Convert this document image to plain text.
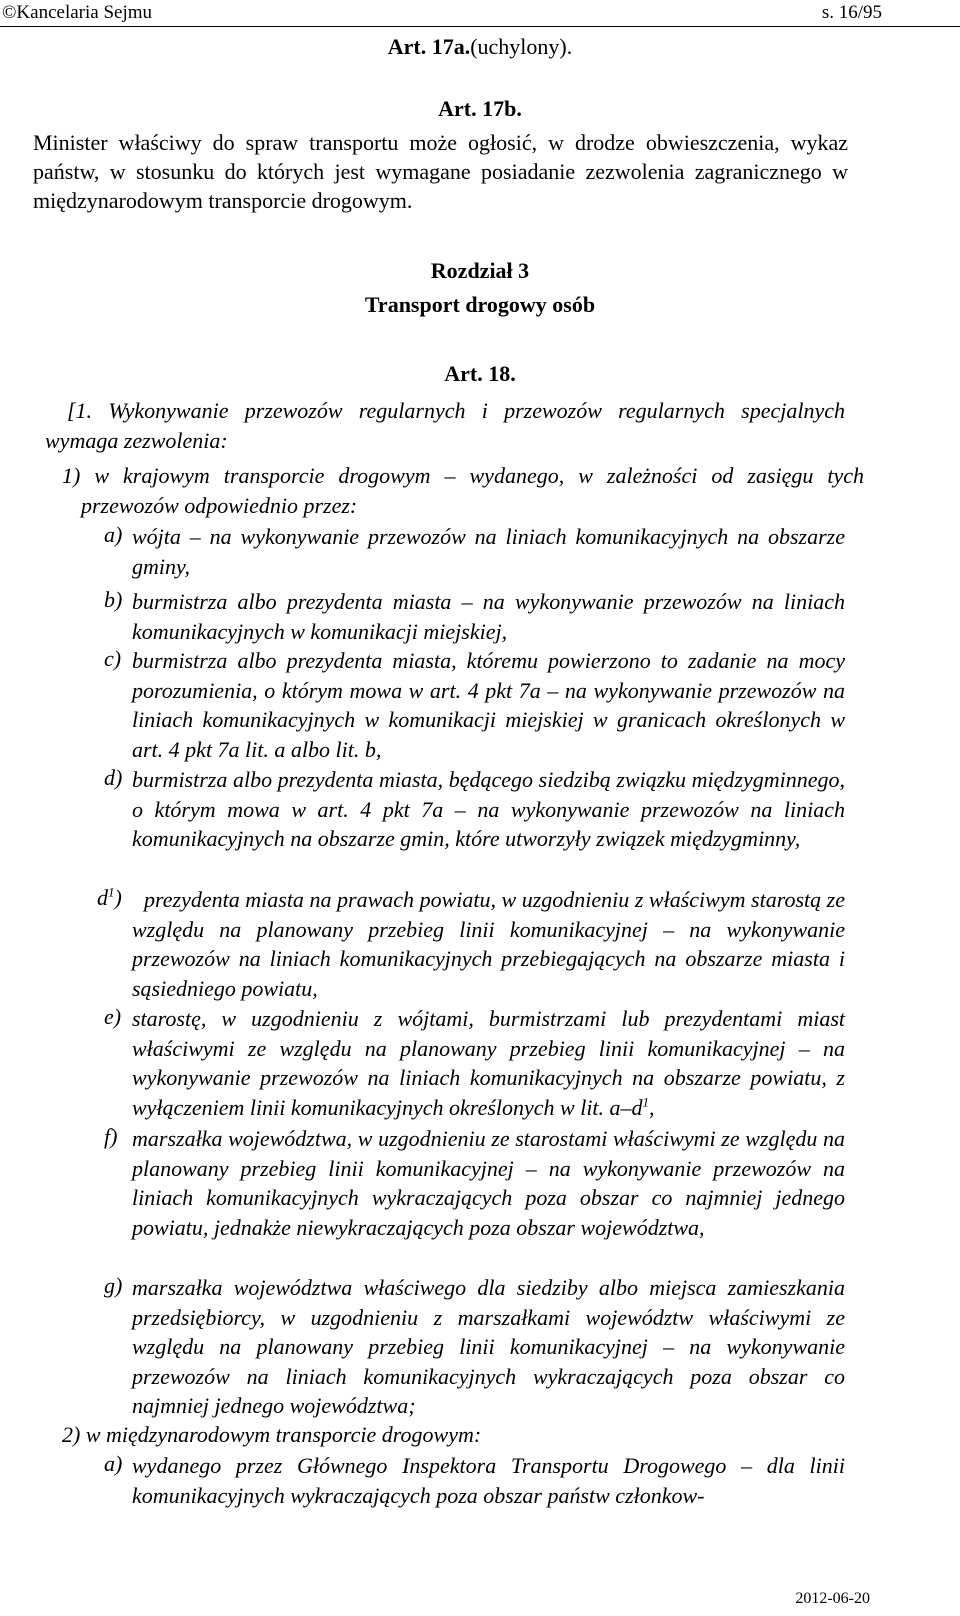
©Kancelaria Sejmu	s. 16/95
Art. 17a.(uchylony).
Art. 17b.
Minister właściwy do spraw transportu może ogłosić, w drodze obwieszczenia, wykaz państw, w stosunku do których jest wymagane posiadanie zezwolenia zagranicznego w międzynarodowym transporcie drogowym.
Rozdział 3
Transport drogowy osób
Art. 18.
[1. Wykonywanie przewozów regularnych i przewozów regularnych specjalnych wymaga zezwolenia:
1) w krajowym transporcie drogowym – wydanego, w zależności od zasięgu tych przewozów odpowiednio przez:
a) wójta – na wykonywanie przewozów na liniach komunikacyjnych na obszarze gminy,
b) burmistrza albo prezydenta miasta – na wykonywanie przewozów na liniach komunikacyjnych w komunikacji miejskiej,
c) burmistrza albo prezydenta miasta, któremu powierzono to zadanie na mocy porozumienia, o którym mowa w art. 4 pkt 7a – na wykonywanie przewozów na liniach komunikacyjnych w komunikacji miejskiej w granicach określonych w art. 4 pkt 7a lit. a albo lit. b,
d) burmistrza albo prezydenta miasta, będącego siedzibą związku międzygminnego, o którym mowa w art. 4 pkt 7a – na wykonywanie przewozów na liniach komunikacyjnych na obszarze gmin, które utworzyły związek międzygminny,
$d^1$)	prezydenta miasta na prawach powiatu, w uzgodnieniu z właściwym starostą ze względu na planowany przebieg linii komunikacyjnej – na wykonywanie przewozów na liniach komunikacyjnych przebiegających na obszarze miasta i sąsiedniego powiatu,
e) starostę, w uzgodnieniu z wójtami, burmistrzami lub prezydentami miast właściwymi ze względu na planowany przebieg linii komunikacyjnej – na wykonywanie przewozów na liniach komunikacyjnych na obszarze powiatu, z wyłączeniem linii komunikacyjnych określonych w lit. $a-d^1$,
f) marszałka województwa, w uzgodnieniu ze starostami właściwymi ze względu na planowany przebieg linii komunikacyjnej – na wykonywanie przewozów na liniach komunikacyjnych wykraczających poza obszar co najmniej jednego powiatu, jednakże niewykraczających poza obszar województwa,
g) marszałka województwa właściwego dla siedziby albo miejsca zamieszkania przedsiębiorcy, w uzgodnieniu z marszałkami województw właściwymi ze względu na planowany przebieg linii komunikacyjnej – na wykonywanie przewozów na liniach komunikacyjnych wykraczających poza obszar co najmniej jednego województwa;
2) w międzynarodowym transporcie drogowym:
a) wydanego przez Głównego Inspektora Transportu Drogowego – dla linii komunikacyjnych wykraczających poza obszar państw członkow-
2012-06-20
